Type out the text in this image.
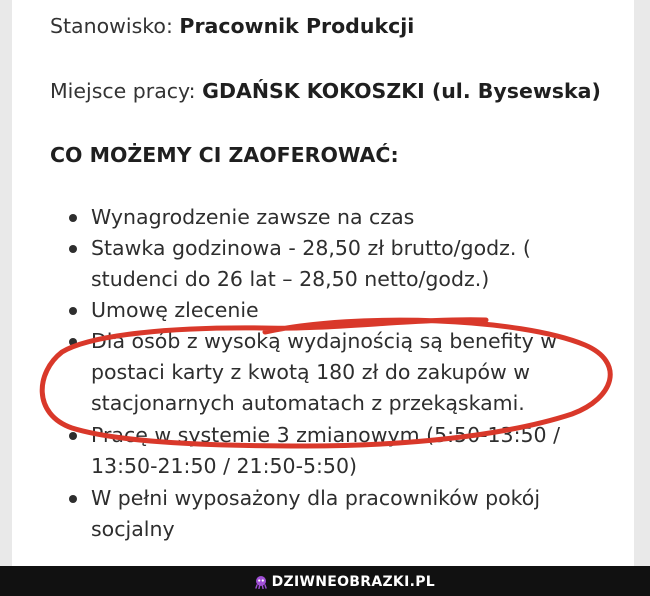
Stanowisko: Pracownik Produkcji
Miejsce pracy: GDAŃSK KOKOSZKI (ul. Bysewska)
CO MOŻEMY CI ZAOFEROWAĆ:
Wynagrodzenie zawsze na czas
Stawka godzinowa - 28,50 zł brutto/godz. (
studenci do 26 lat – 28,50 netto/godz.)
Umowę zlecenie
Dla osób z wysoką wydajnością są benefity w
postaci karty z kwotą 180 zł do zakupów w
stacjonarnych automatach z przekąskami.
Pracę w systemie 3 zmianowym (5:50-13:50 /
13:50-21:50 / 21:50-5:50)
W pełni wyposażony dla pracowników pokój
socjalny
DZIWNEOBRAZKI.PL
